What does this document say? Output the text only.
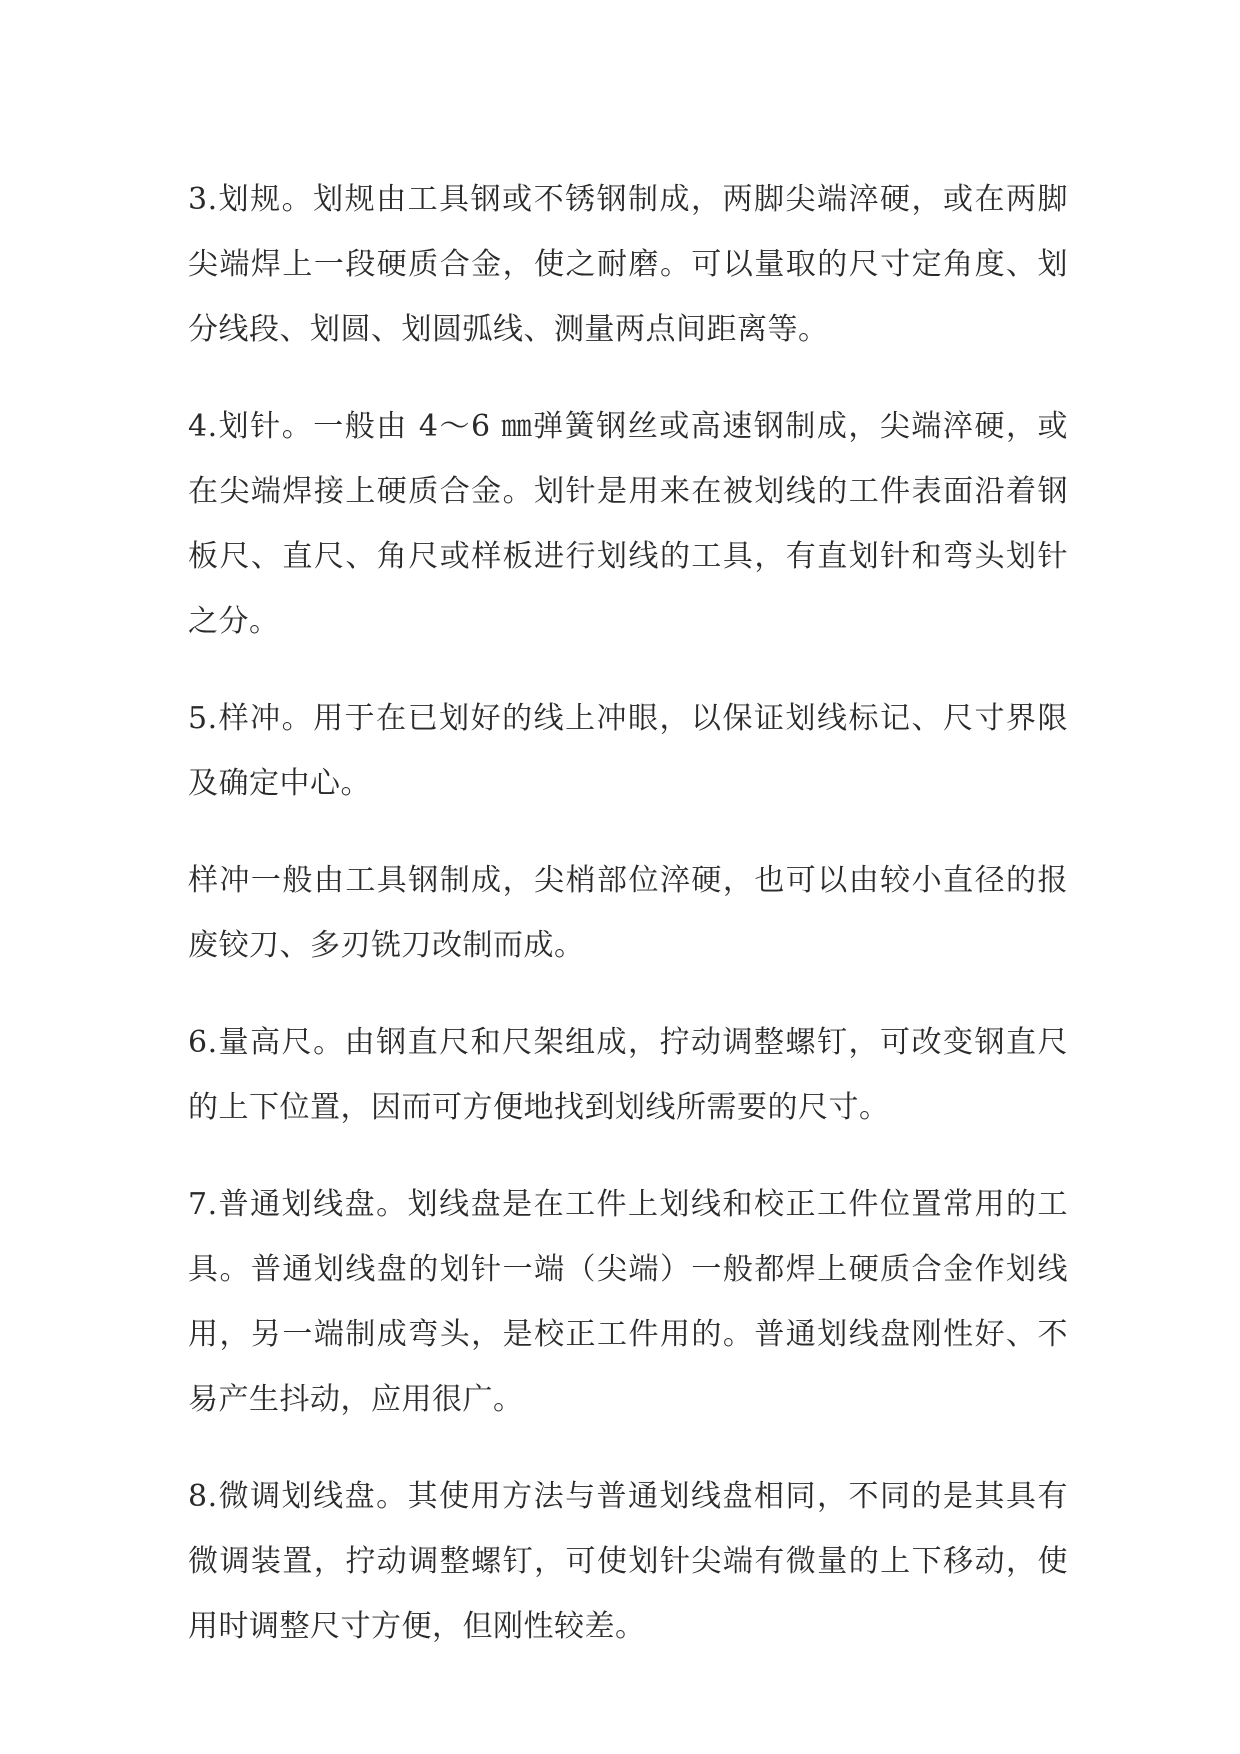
3.划规。划规由工具钢或不锈钢制成，两脚尖端淬硬，或在两脚尖端焊上一段硬质合金，使之耐磨。可以量取的尺寸定角度、划分线段、划圆、划圆弧线、测量两点间距离等。

4.划针。一般由 4～6 ㎜弹簧钢丝或高速钢制成，尖端淬硬，或在尖端焊接上硬质合金。划针是用来在被划线的工件表面沿着钢板尺、直尺、角尺或样板进行划线的工具，有直划针和弯头划针之分。

5.样冲。用于在已划好的线上冲眼，以保证划线标记、尺寸界限及确定中心。

样冲一般由工具钢制成，尖梢部位淬硬，也可以由较小直径的报废铰刀、多刃铣刀改制而成。

6.量高尺。由钢直尺和尺架组成，拧动调整螺钉，可改变钢直尺的上下位置，因而可方便地找到划线所需要的尺寸。

7.普通划线盘。划线盘是在工件上划线和校正工件位置常用的工具。普通划线盘的划针一端（尖端）一般都焊上硬质合金作划线用，另一端制成弯头，是校正工件用的。普通划线盘刚性好、不易产生抖动，应用很广。

8.微调划线盘。其使用方法与普通划线盘相同，不同的是其具有微调装置，拧动调整螺钉，可使划针尖端有微量的上下移动，使用时调整尺寸方便，但刚性较差。
